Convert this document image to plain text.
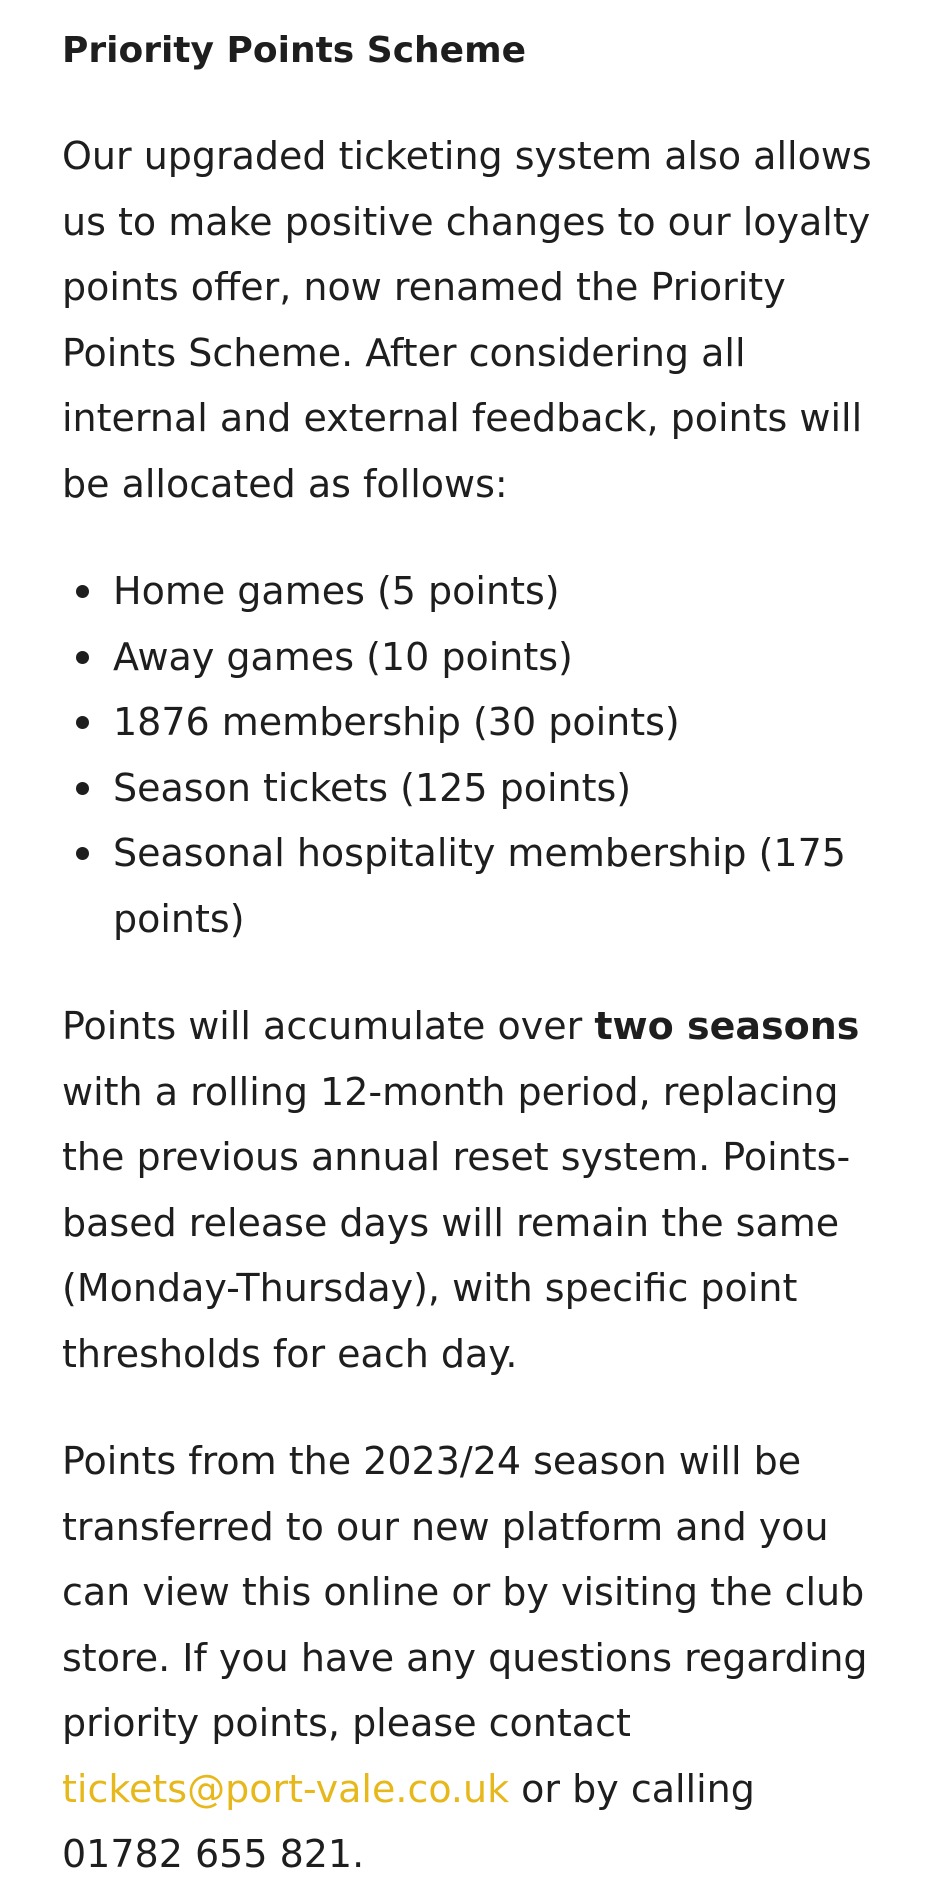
Priority Points Scheme

Our upgraded ticketing system also allows us to make positive changes to our loyalty points offer, now renamed the Priority Points Scheme. After considering all internal and external feedback, points will be allocated as follows:

Home games (5 points)
Away games (10 points)
1876 membership (30 points)
Season tickets (125 points)
Seasonal hospitality membership (175 points)

Points will accumulate over two seasons with a rolling 12-month period, replacing the previous annual reset system. Points-based release days will remain the same (Monday-Thursday), with specific point thresholds for each day.

Points from the 2023/24 season will be transferred to our new platform and you can view this online or by visiting the club store. If you have any questions regarding priority points, please contact tickets@port-vale.co.uk or by calling 01782 655 821.
